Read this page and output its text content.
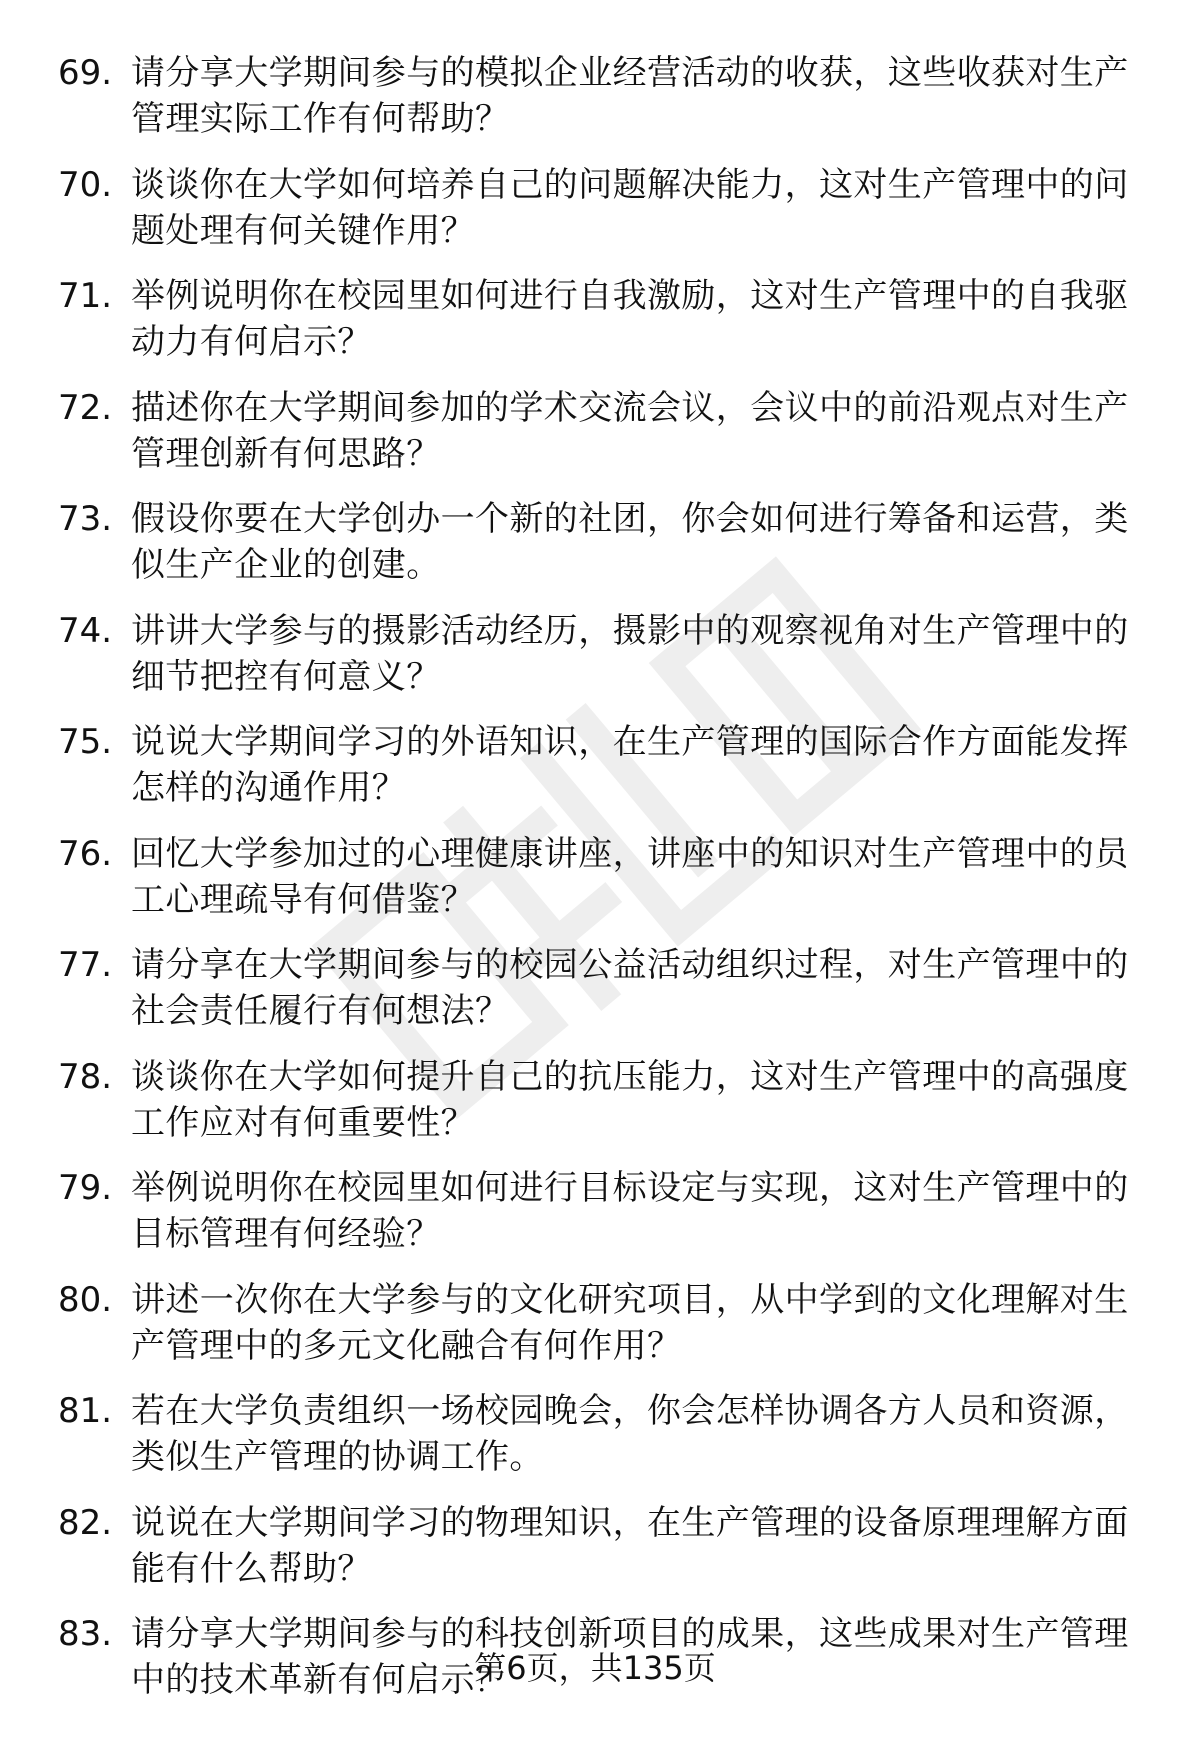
69. 请分享大学期间参与的模拟企业经营活动的收获，这些收获对生产管理实际工作有何帮助？
70. 谈谈你在大学如何培养自己的问题解决能力，这对生产管理中的问题处理有何关键作用？
71. 举例说明你在校园里如何进行自我激励，这对生产管理中的自我驱动力有何启示？
72. 描述你在大学期间参加的学术交流会议，会议中的前沿观点对生产管理创新有何思路？
73. 假设你要在大学创办一个新的社团，你会如何进行筹备和运营，类似生产企业的创建。
74. 讲讲大学参与的摄影活动经历，摄影中的观察视角对生产管理中的细节把控有何意义？
75. 说说大学期间学习的外语知识，在生产管理的国际合作方面能发挥怎样的沟通作用？
76. 回忆大学参加过的心理健康讲座，讲座中的知识对生产管理中的员工心理疏导有何借鉴？
77. 请分享在大学期间参与的校园公益活动组织过程，对生产管理中的社会责任履行有何想法？
78. 谈谈你在大学如何提升自己的抗压能力，这对生产管理中的高强度工作应对有何重要性？
79. 举例说明你在校园里如何进行目标设定与实现，这对生产管理中的目标管理有何经验？
80. 讲述一次你在大学参与的文化研究项目，从中学到的文化理解对生产管理中的多元文化融合有何作用？
81. 若在大学负责组织一场校园晚会，你会怎样协调各方人员和资源，类似生产管理的协调工作。
82. 说说在大学期间学习的物理知识，在生产管理的设备原理理解方面能有什么帮助？
83. 请分享大学期间参与的科技创新项目的成果，这些成果对生产管理中的技术革新有何启示？
第6页，共135页
